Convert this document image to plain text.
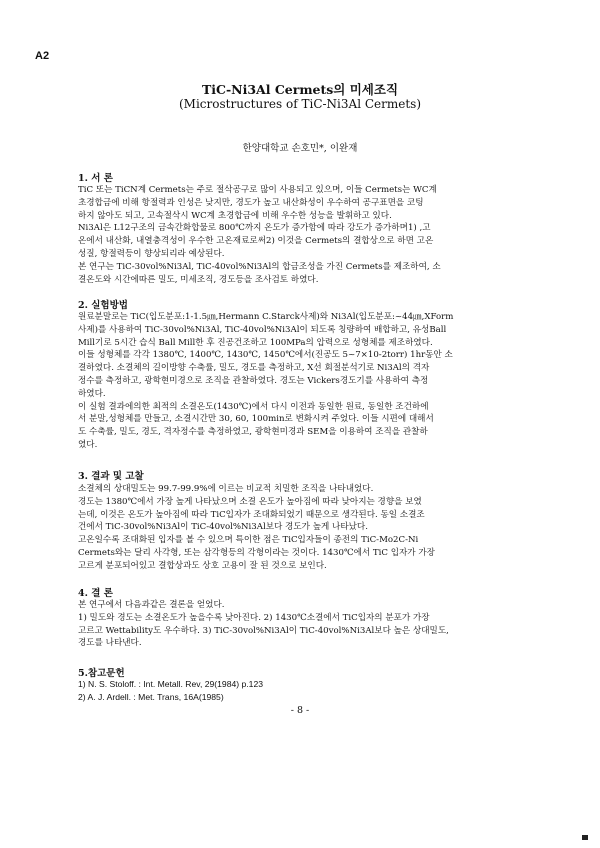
A2
TiC-Ni3Al Cermets의 미세조직
(Microstructures of TiC-Ni3Al Cermets)
한양대학교 손호민*, 이완재
1. 서 론

TiC 또는 TiCN계 Cermets는 주로 절삭공구로 많이 사용되고 있으며, 이들 Cermets는 WC계

초경합금에 비해 항절력과 인성은 낮지만, 경도가 높고 내산화성이 우수하여 공구표면을 코팅

하지 않아도 되고, 고속절삭시 WC계 초경합금에 비해 우수한 성능을 발휘하고 있다.

Ni3Al은 L12구조의 금속간화합물로 800℃까지 온도가 증가함에 따라 강도가 증가하며1) ,고

온에서 내산화, 내열충격성이 우수한 고온재료로써2) 이것을 Cermets의 결합상으로 하면 고온

성질, 항절력등이 향상되리라 예상된다.

본 연구는 TiC-30vol%Ni3Al, TiC-40vol%Ni3Al의 합금조성을 가진 Cermets를 제조하여, 소

결온도와 시간에따른 밀도, 미세조직, 경도등을 조사검토 하였다.

2. 실험방법

원료분말로는 TiC(입도분포:1-1.5㎛,Hermann C.Starck사제)와 Ni3Al(입도분포:~44㎛,XForm

사제)를 사용하여 TiC-30vol%Ni3Al, TiC-40vol%Ni3Al이 되도록 칭량하여 배합하고, 유성Ball

Mill기로 5시간 습식 Ball Mill한 후 진공건조하고 100MPa의 압력으로 성형체를 제조하였다.

이들 성형체를 각각 1380℃, 1400℃, 1430℃, 1450℃에서(진공도 5~7×10-2torr) 1hr동안 소

결하였다. 소결체의 길이방향 수축률, 밀도, 경도를 측정하고, X선 회절분석기로 Ni3Al의 격자

정수를 측정하고, 광학현미경으로 조직을 관찰하였다. 경도는 Vickers경도기를 사용하여 측정

하였다.

이 실험 결과에의한 최적의 소결온도(1430℃)에서 다시 이전과 동일한 원료, 동일한 조건하에

서 분말,성형체를 만들고, 소결시간만 30, 60, 100min로 변화시켜 주었다. 이들 시편에 대해서

도 수축률, 밀도, 경도, 격자정수를 측정하였고, 광학현미경과 SEM을 이용하여 조직을 관찰하

였다.

3. 결과 및 고찰

소결체의 상대밀도는 99.7-99.9%에 이르는 비교적 치밀한 조직을 나타내었다.

경도는 1380℃에서 가장 높게 나타났으며 소결 온도가 높아짐에 따라 낮아지는 경향을 보였

는데, 이것은 온도가 높아짐에 따라 TiC입자가 조대화되었기 때문으로 생각된다. 동일 소결조

건에서 TiC-30vol%Ni3Al이 TiC-40vol%Ni3Al보다 경도가 높게 나타났다.

고온일수록 조대화된 입자를 볼 수 있으며 특이한 점은 TiC입자들이 종전의 TiC-Mo2C-Ni

Cermets와는 달리 사각형, 또는 삼각형등의 각형이라는 것이다. 1430℃에서 TiC 입자가 가장

고르게 분포되어있고 결합상과도 상호 고용이 잘 된 것으로 보인다.

4. 결 론

본 연구에서 다음과같은 결론을 얻었다.

1) 밀도와 경도는 소결온도가 높을수록 낮아진다. 2) 1430℃소결에서 TiC입자의 분포가 가장

고르고 Wettability도 우수하다. 3) TiC-30vol%Ni3Al이 TiC-40vol%Ni3Al보다 높은 상대밀도,

경도를 나타낸다.

5.참고문헌
1) N. S. Stoloff. : Int. Metall. Rev, 29(1984) p.123
2) A. J. Ardell. : Met. Trans, 16A(1985)
- 8 -
